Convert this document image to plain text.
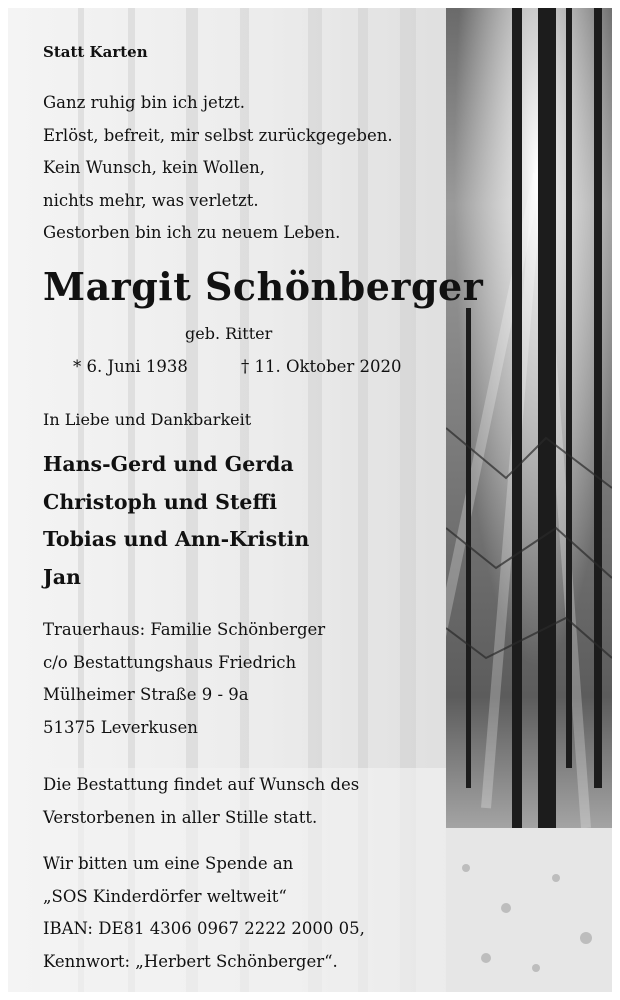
Statt Karten
Ganz ruhig bin ich jetzt.
Erlöst, befreit, mir selbst zurückgegeben.
Kein Wunsch, kein Wollen,
nichts mehr, was verletzt.
Gestorben bin ich zu neuem Leben.
Margit Schönberger
geb. Ritter
* 6. Juni 1938	† 11. Oktober 2020
In Liebe und Dankbarkeit
Hans-Gerd und Gerda
Christoph und Steffi
Tobias und Ann-Kristin
Jan
Trauerhaus: Familie Schönberger
c/o Bestattungshaus Friedrich
Mülheimer Straße 9 - 9a
51375 Leverkusen
Die Bestattung findet auf Wunsch des
Verstorbenen in aller Stille statt.
Wir bitten um eine Spende an
„SOS Kinderdörfer weltweit“
IBAN: DE81 4306 0967 2222 2000 05,
Kennwort: „Herbert Schönberger“.
